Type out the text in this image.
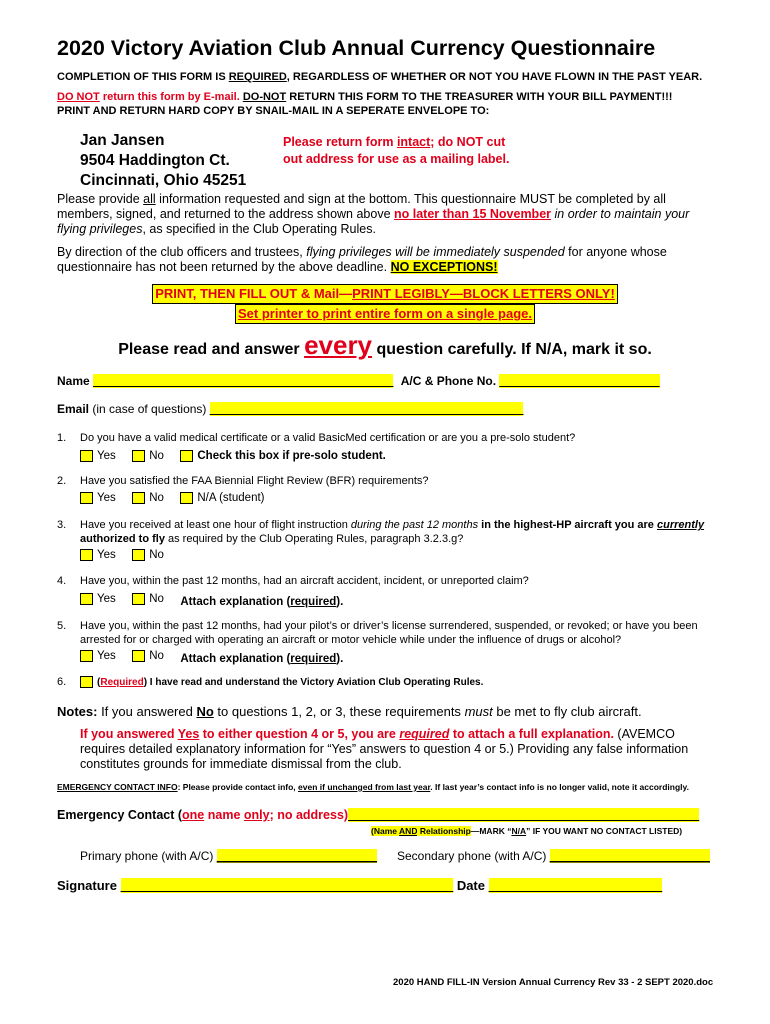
2020 Victory Aviation Club Annual Currency Questionnaire
COMPLETION OF THIS FORM IS REQUIRED, REGARDLESS OF WHETHER OR NOT YOU HAVE FLOWN IN THE PAST YEAR.
DO NOT return this form by E-mail. DO-NOT RETURN THIS FORM TO THE TREASURER WITH YOUR BILL PAYMENT!!!
PRINT AND RETURN HARD COPY BY SNAIL-MAIL IN A SEPERATE ENVELOPE TO:
Jan Jansen
9504 Haddington Ct.
Cincinnati, Ohio 45251
Please return form intact; do NOT cut
out address for use as a mailing label.
Please provide all information requested and sign at the bottom. This questionnaire MUST be completed by all
members, signed, and returned to the address shown above no later than 15 November in order to maintain your
flying privileges, as specified in the Club Operating Rules.
By direction of the club officers and trustees, flying privileges will be immediately suspended for anyone whose
questionnaire has not been returned by the above deadline. NO EXCEPTIONS!
PRINT, THEN FILL OUT & Mail—PRINT LEGIBLY—BLOCK LETTERS ONLY!
Set printer to print entire form on a single page.
Please read and answer every question carefully. If N/A, mark it so.
Name _____________________________________________ A/C & Phone No. ________________________
Email (in case of questions) _______________________________________________
1. Do you have a valid medical certificate or a valid BasicMed certification or are you a pre-solo student?
Yes
	No
	Check this box if pre-solo student.
2. Have you satisfied the FAA Biennial Flight Review (BFR) requirements?
Yes
	No
	N/A (student)
3. Have you received at least one hour of flight instruction during the past 12 months in the highest-HP aircraft you are currently
authorized to fly as required by the Club Operating Rules, paragraph 3.2.3.g?
Yes
	No
4. Have you, within the past 12 months, had an aircraft accident, incident, or unreported claim?
Yes
	No
Attach explanation ( required ).
5. Have you, within the past 12 months, had your pilot’s or driver’s license surrendered, suspended, or revoked; or have you been
arrested for or charged with operating an aircraft or motor vehicle while under the influence of drugs or alcohol?
Yes
	No
Attach explanation ( required ).
6.	(Required) I have read and understand the Victory Aviation Club Operating Rules.
Notes: If you answered No to questions 1, 2, or 3, these requirements must be met to fly club aircraft.
If you answered Yes to either question 4 or 5, you are required to attach a full explanation. (AVEMCO
requires detailed explanatory information for “Yes” answers to question 4 or 5.) Providing any false information
constitutes grounds for immediate dismissal from the club.
EMERGENCY CONTACT INFO: Please provide contact info, even if unchanged from last year. If last year’s contact info is no longer valid, note it accordingly.
Emergency Contact (one name only; no address) __________________________________________________
(Name AND Relationship—MARK “N/A” IF YOU WANT NO CONTACT LISTED)
Primary phone (with A/C) ________________________ Secondary phone (with A/C) ________________________
Signature ______________________________________________ Date ________________________
2020 HAND FILL-IN Version Annual Currency Rev 33 - 2 SEPT 2020.doc
